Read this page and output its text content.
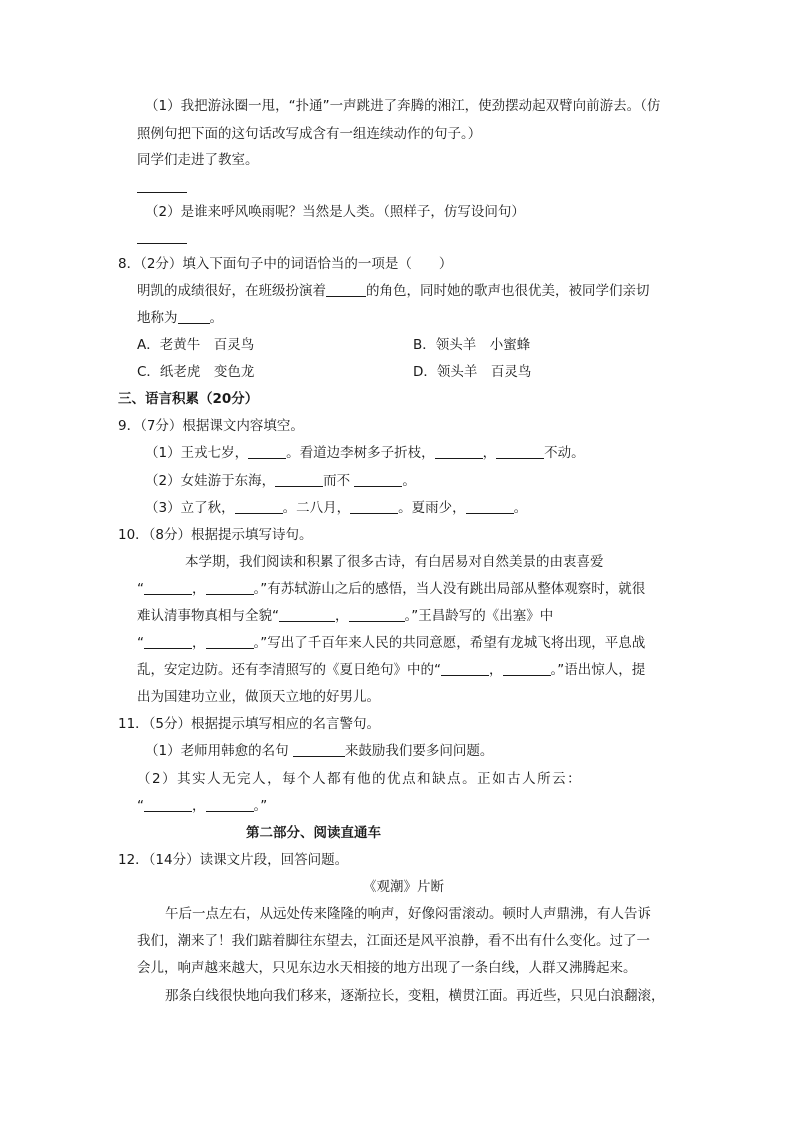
（1）我把游泳圈一甩，“扑通”一声跳进了奔腾的湘江，使劲摆动起双臂向前游去。（仿
照例句把下面的这句话改写成含有一组连续动作的句子。）
同学们走进了教室。
（2）是谁来呼风唤雨呢？当然是人类。（照样子，仿写设问句）
8．（2分）填入下面句子中的词语恰当的一项是（　　）
明凯的成绩很好，在班级扮演着	的角色，同时她的歌声也很优美，被同学们亲切
地称为 。
A．老黄牛　百灵鸟	B．领头羊　小蜜蜂
C．纸老虎　变色龙	D．领头羊　百灵鸟
三、语言积累（20分）
9．（7分）根据课文内容填空。
（1）王戎七岁，	。看道边李树多子折枝，	，	不动。
（2）女娃游于东海，	而不	。
（3）立了秋，	。二八月，	。夏雨少，	。
10．（8分）根据提示填写诗句。
本学期，我们阅读和积累了很多古诗，有白居易对自然美景的由衷喜爱
“	，	。”有苏轼游山之后的感悟，当人没有跳出局部从整体观察时，就很
难认清事物真相与全貌“	，	。”王昌龄写的《出塞》中
“	，	。”写出了千百年来人民的共同意愿，希望有龙城飞将出现，平息战
乱，安定边防。还有李清照写的《夏日绝句》中的“	，	。”语出惊人，提
出为国建功立业，做顶天立地的好男儿。
11．（5分）根据提示填写相应的名言警句。
（1）老师用韩愈的名句	来鼓励我们要多问问题。
（2）其实人无完人，每个人都有他的优点和缺点。正如古人所云：
“	，	。”
第二部分、阅读直通车
12．（14分）读课文片段，回答问题。
《观潮》片断
午后一点左右，从远处传来隆隆的响声，好像闷雷滚动。顿时人声鼎沸，有人告诉
我们，潮来了！我们踮着脚往东望去，江面还是风平浪静，看不出有什么变化。过了一
会儿，响声越来越大，只见东边水天相接的地方出现了一条白线，人群又沸腾起来。
那条白线很快地向我们移来，逐渐拉长，变粗，横贯江面。再近些，只见白浪翻滚，
